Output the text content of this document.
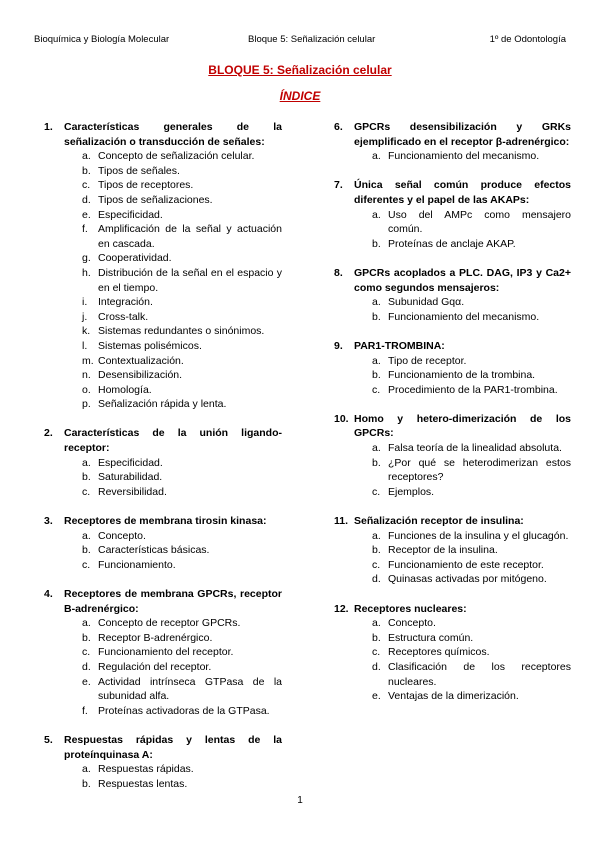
Bioquímica y Biología Molecular	Bloque 5: Señalización celular	1º de Odontología
BLOQUE 5: Señalización celular
ÍNDICE
1. Características generales de la señalización o transducción de señales:
a. Concepto de señalización celular.
b. Tipos de señales.
c. Tipos de receptores.
d. Tipos de señalizaciones.
e. Especificidad.
f. Amplificación de la señal y actuación en cascada.
g. Cooperatividad.
h. Distribución de la señal en el espacio y en el tiempo.
i. Integración.
j. Cross-talk.
k. Sistemas redundantes o sinónimos.
l. Sistemas polisémicos.
m. Contextualización.
n. Desensibilización.
o. Homología.
p. Señalización rápida y lenta.
2. Características de la unión ligando-receptor:
a. Especificidad.
b. Saturabilidad.
c. Reversibilidad.
3. Receptores de membrana tirosin kinasa:
a. Concepto.
b. Características básicas.
c. Funcionamiento.
4. Receptores de membrana GPCRs, receptor B-adrenérgico:
a. Concepto de receptor GPCRs.
b. Receptor B-adrenérgico.
c. Funcionamiento del receptor.
d. Regulación del receptor.
e. Actividad intrínseca GTPasa de la subunidad alfa.
f. Proteínas activadoras de la GTPasa.
5. Respuestas rápidas y lentas de la proteínquinasa A:
a. Respuestas rápidas.
b. Respuestas lentas.
6. GPCRs desensibilización y GRKs ejemplificado en el receptor β-adrenérgico:
a. Funcionamiento del mecanismo.
7. Única señal común produce efectos diferentes y el papel de las AKAPs:
a. Uso del AMPc como mensajero común.
b. Proteínas de anclaje AKAP.
8. GPCRs acoplados a PLC. DAG, IP3 y Ca2+ como segundos mensajeros:
a. Subunidad Gqα.
b. Funcionamiento del mecanismo.
9. PAR1-TROMBINA:
a. Tipo de receptor.
b. Funcionamiento de la trombina.
c. Procedimiento de la PAR1-trombina.
10. Homo y hetero-dimerización de los GPCRs:
a. Falsa teoría de la linealidad absoluta.
b. ¿Por qué se heterodimerizan estos receptores?
c. Ejemplos.
11. Señalización receptor de insulina:
a. Funciones de la insulina y el glucagón.
b. Receptor de la insulina.
c. Funcionamiento de este receptor.
d. Quinasas activadas por mitógeno.
12. Receptores nucleares:
a. Concepto.
b. Estructura común.
c. Receptores químicos.
d. Clasificación de los receptores nucleares.
e. Ventajas de la dimerización.
1
